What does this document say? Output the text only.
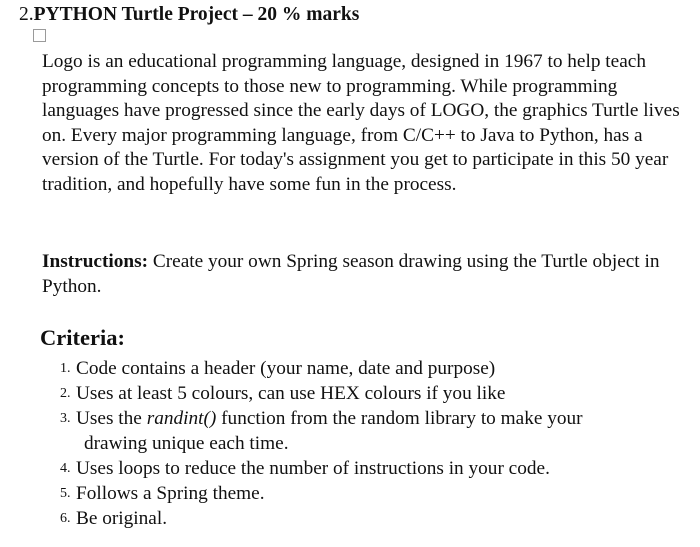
2.PYTHON Turtle Project – 20 % marks

Logo is an educational programming language, designed in 1967 to help teach programming concepts to those new to programming. While programming languages have progressed since the early days of LOGO, the graphics Turtle lives on. Every major programming language, from C/C++ to Java to Python, has a version of the Turtle. For today's assignment you get to participate in this 50 year tradition, and hopefully have some fun in the process.

Instructions: Create your own Spring season drawing using the Turtle object in Python.

Criteria:
1. Code contains a header (your name, date and purpose)
2. Uses at least 5 colours, can use HEX colours if you like
3. Uses the randint() function from the random library to make your
drawing unique each time.
4. Uses loops to reduce the number of instructions in your code.
5. Follows a Spring theme.
6. Be original.
